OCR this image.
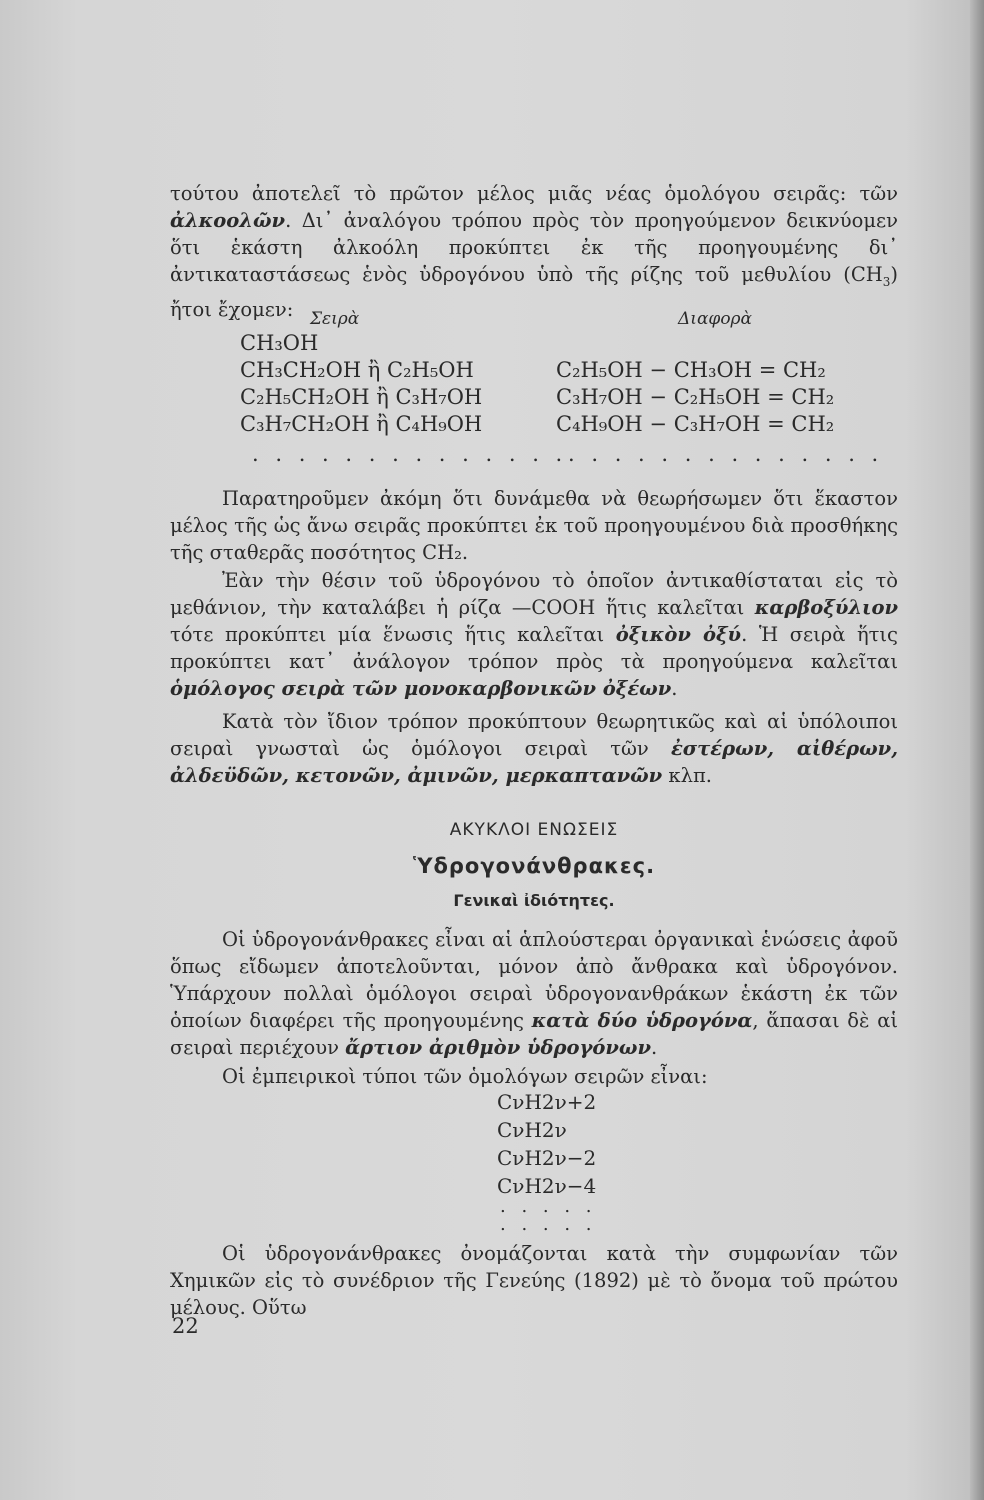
τούτου ἀποτελεῖ τὸ πρῶτον μέλος μιᾶς νέας ὁμολόγου σειρᾶς: τῶν ἀλκοολῶν. Δι᾽ ἀναλόγου τρόπου πρὸς τὸν προηγούμενον δεικνύομεν ὅτι ἑκάστη ἀλκοόλη προκύπτει ἐκ τῆς προηγουμένης δι᾽ ἀντικαταστάσεως ἑνὸς ὑδρογόνου ὑπὸ τῆς ρίζης τοῦ μεθυλίου $(CH_3)$ ἤτοι ἔχομεν: Σειρὰ	Διαφορὰ
CH₃OH
CH₃CH₂OH ἢ C₂H₅OH
C₂H₅CH₂OH ἢ C₃H₇OH
C₃H₇CH₂OH ἢ C₄H₉OH
. . . . . . . . . . . . . .
C₂H₅OH − CH₃OH = CH₂
C₃H₇OH − C₂H₅OH = CH₂
C₄H₉OH − C₃H₇OH = CH₂
. . . . . . . . . . . . . .

Παρατηροῦμεν ἀκόμη ὅτι δυνάμεθα νὰ θεωρήσωμεν ὅτι ἕκαστον μέλος τῆς ὡς ἄνω σειρᾶς προκύπτει ἐκ τοῦ προηγουμένου διὰ προσθήκης τῆς σταθερᾶς ποσότητος CH₂.

Ἐὰν τὴν θέσιν τοῦ ὑδρογόνου τὸ ὁποῖον ἀντικαθίσταται εἰς τὸ μεθάνιον, τὴν καταλάβει ἡ ρίζα —COOH ἥτις καλεῖται καρβοξύλιον τότε προκύπτει μία ἕνωσις ἥτις καλεῖται ὀξικὸν ὀξύ. Ἡ σειρὰ ἥτις προκύπτει κατ᾽ ἀνάλογον τρόπον πρὸς τὰ προηγούμενα καλεῖται ὁμόλογος σειρὰ τῶν μονοκαρβονικῶν ὀξέων.

Κατὰ τὸν ἴδιον τρόπον προκύπτουν θεωρητικῶς καὶ αἱ ὑπόλοιποι σειραὶ γνωσταὶ ὡς ὁμόλογοι σειραὶ τῶν ἐστέρων, αἰθέρων, ἀλδεϋδῶν, κετονῶν, ἀμινῶν, μερκαπτανῶν κλπ.

ΑΚΥΚΛΟΙ ΕΝΩΣΕΙΣ
Ὑδρογονάνθρακες.
Γενικαὶ ἰδιότητες.

Οἱ ὑδρογονάνθρακες εἶναι αἱ ἁπλούστεραι ὀργανικαὶ ἑνώσεις ἀφοῦ ὅπως εἴδωμεν ἀποτελοῦνται, μόνον ἀπὸ ἄνθρακα καὶ ὑδρογόνον. Ὑπάρχουν πολλαὶ ὁμόλογοι σειραὶ ὑδρογονανθράκων ἑκάστη ἐκ τῶν ὁποίων διαφέρει τῆς προηγουμένης κατὰ δύο ὑδρογόνα, ἅπασαι δὲ αἱ σειραὶ περιέχουν ἄρτιον ἀριθμὸν ὑδρογόνων.

Οἱ ἐμπειρικοὶ τύποι τῶν ὁμολόγων σειρῶν εἶναι:

CνH2ν+2
CνH2ν
CνH2ν−2
CνH2ν−4
. . . . .
. . . . .

Οἱ ὑδρογονάνθρακες ὀνομάζονται κατὰ τὴν συμφωνίαν τῶν Χημικῶν εἰς τὸ συνέδριον τῆς Γενεύης (1892) μὲ τὸ ὄνομα τοῦ πρώτου μέλους. Οὕτω

22
